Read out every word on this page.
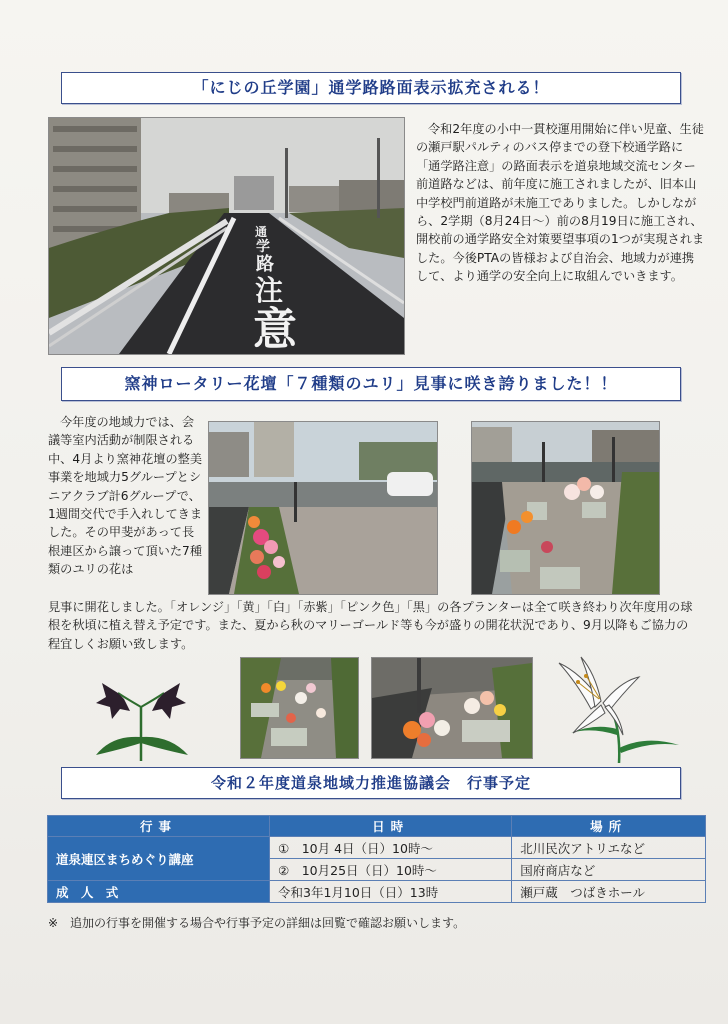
「にじの丘学園」通学路路面表示拡充される！
通
学
路
注
意
令和2年度の小中一貫校運用開始に伴い児童、生徒の瀬戸駅パルティのバス停までの登下校通学路に「通学路注意」の路面表示を道泉地域交流センター前道路などは、前年度に施工されましたが、旧本山中学校門前道路が未施工でありました。しかしながら、2学期（8月24日～）前の8月19日に施工され、開校前の通学路安全対策要望事項の1つが実現されました。今後PTAの皆様および自治会、地域力が連携して、より通学の安全向上に取組んでいきます。
窯神ロータリー花壇「７種類のユリ」見事に咲き誇りました！！
今年度の地域力では、会議等室内活動が制限される中、4月より窯神花壇の整美事業を地域力5グループとシニアクラブ計6グループで、1週間交代で手入れしてきました。その甲斐があって長根連区から譲って頂いた7種類のユリの花は
見事に開花しました。「オレンジ」「黄」「白」「赤紫」「ピンク色」「黒」の各プランターは全て咲き終わり次年度用の球根を秋頃に植え替え予定です。また、夏から秋のマリーゴールド等も今が盛りの開花状況であり、9月以降もご協力の程宜しくお願い致します。
令和２年度道泉地域力推進協議会　行事予定
行事	日時	場所
道泉連区まちめぐり講座	①　10月 4日（日）10時～	北川民次アトリエなど
	②　10月25日（日）10時～	国府商店など
成 人 式	令和3年1月10日（日）13時	瀬戸蔵　つばきホール
※　追加の行事を開催する場合や行事予定の詳細は回覧で確認お願いします。
